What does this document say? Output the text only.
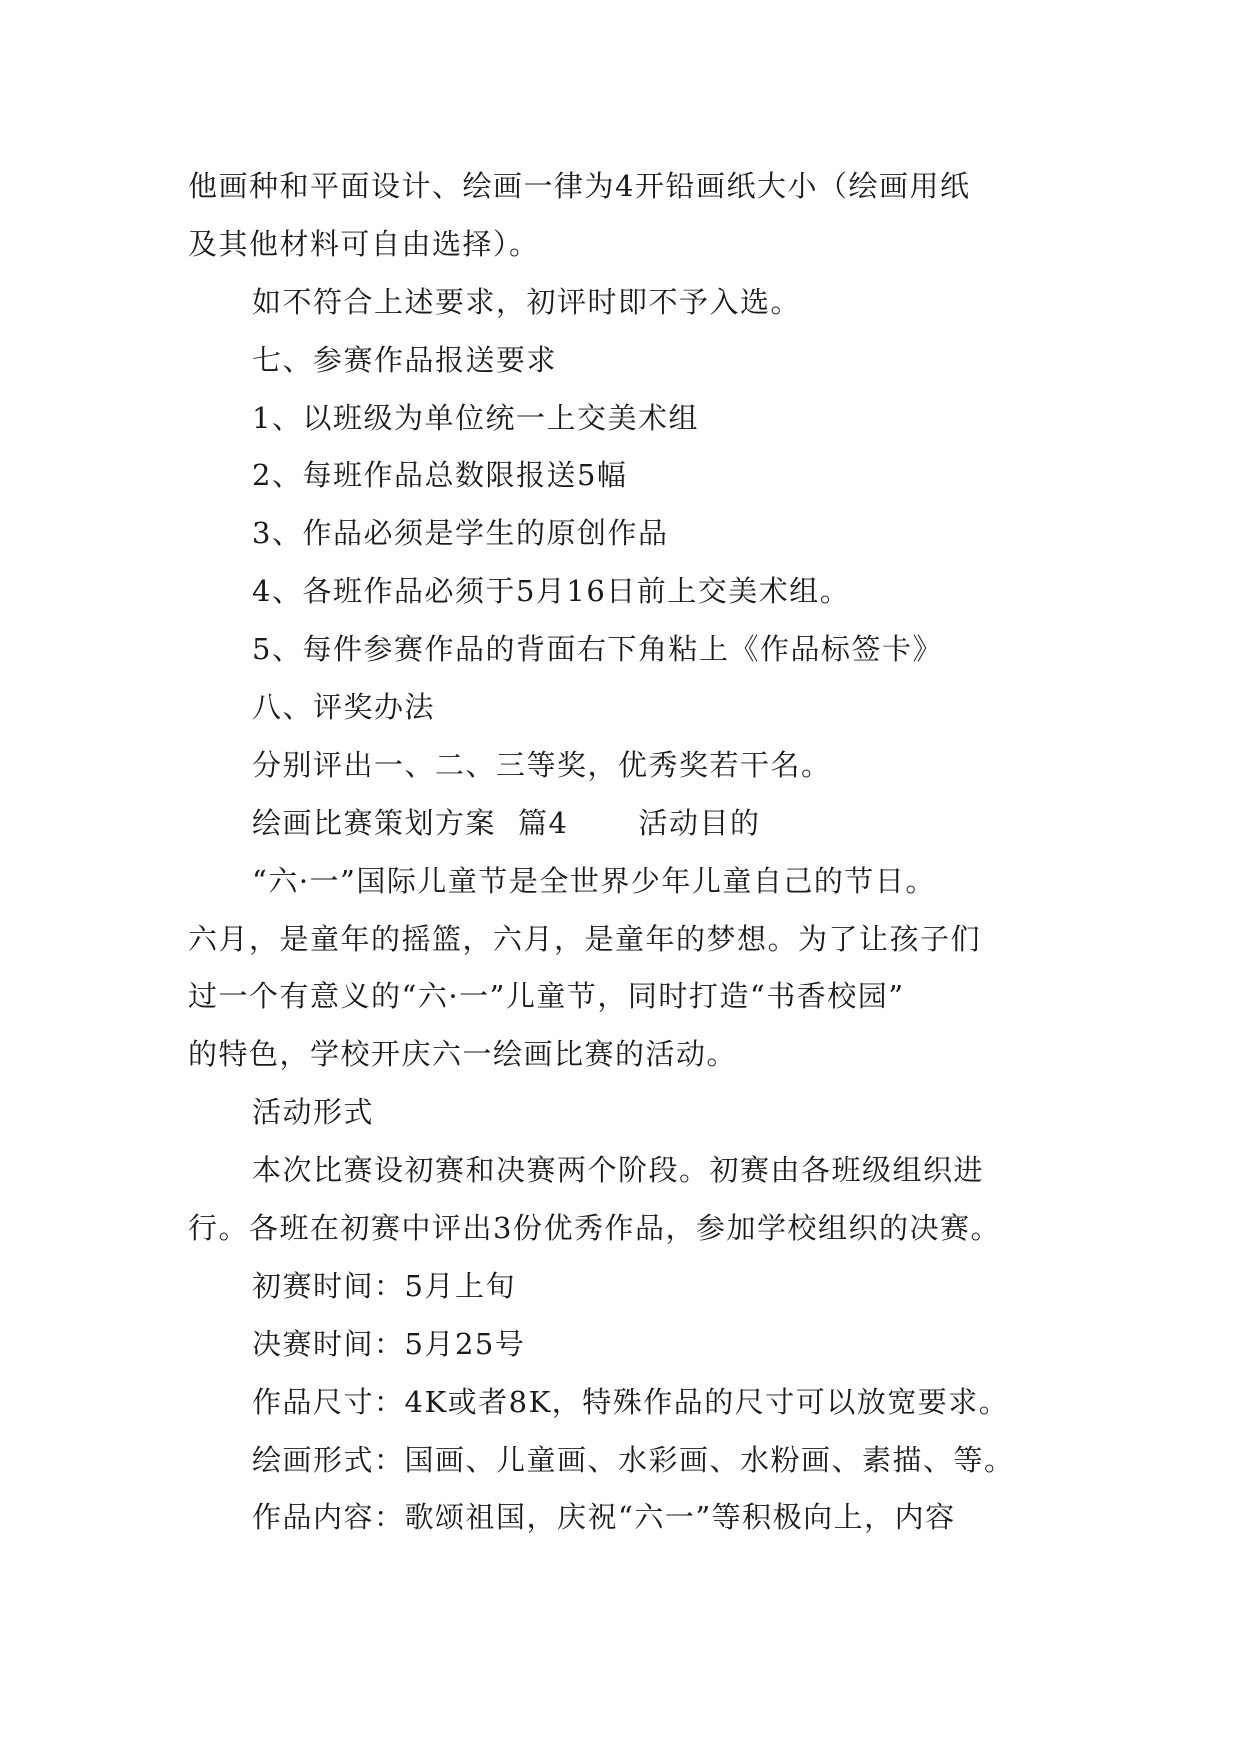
他画种和平面设计、绘画一律为4开铅画纸大小（绘画用纸
及其他材料可自由选择）。
如不符合上述要求，初评时即不予入选。
七、参赛作品报送要求
1、以班级为单位统一上交美术组
2、每班作品总数限报送5幅
3、作品必须是学生的原创作品
4、各班作品必须于5月16日前上交美术组。
5、每件参赛作品的背面右下角粘上《作品标签卡》
八、评奖办法
分别评出一、二、三等奖，优秀奖若干名。
绘画比赛策划方案 篇4 活动目的
“六·一”国际儿童节是全世界少年儿童自己的节日。
六月，是童年的摇篮，六月，是童年的梦想。为了让孩子们
过一个有意义的“六·一”儿童节，同时打造“书香校园”
的特色，学校开庆六一绘画比赛的活动。
活动形式
本次比赛设初赛和决赛两个阶段。初赛由各班级组织进
行。各班在初赛中评出3份优秀作品，参加学校组织的决赛。
初赛时间：5月上旬
决赛时间：5月25号
作品尺寸：4K或者8K，特殊作品的尺寸可以放宽要求。
绘画形式：国画、儿童画、水彩画、水粉画、素描、等。
作品内容：歌颂祖国，庆祝“六一”等积极向上，内容
